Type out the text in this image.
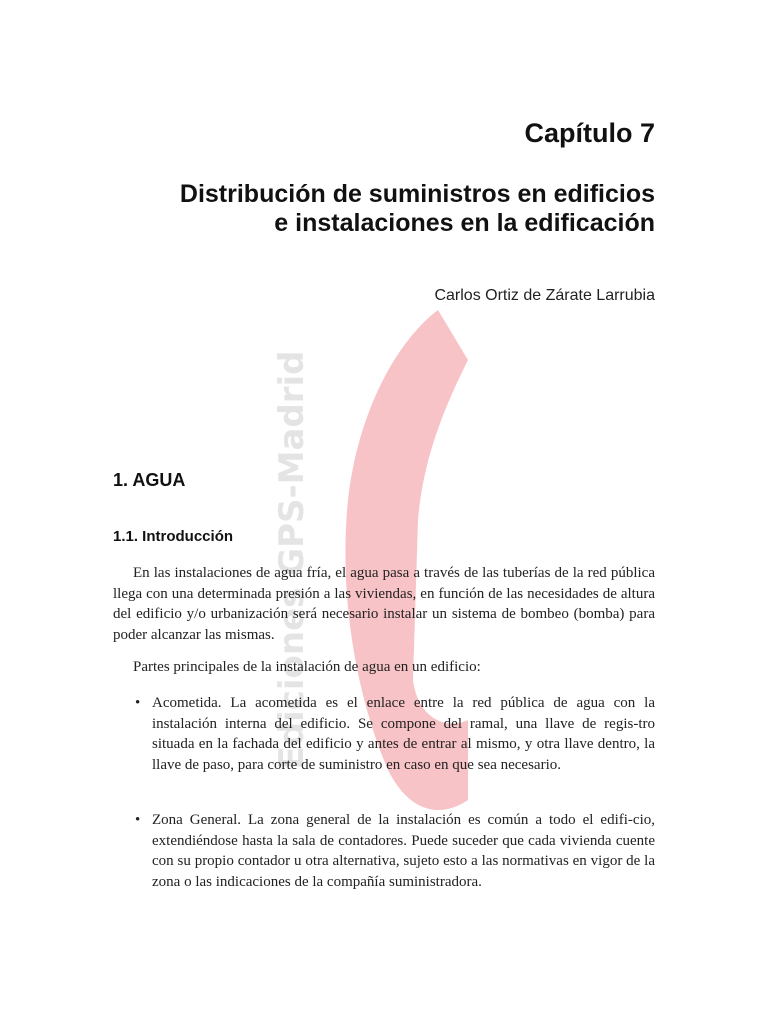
Ediciones GPS-Madrid
Capítulo 7
Distribución de suministros en edificios
e instalaciones en la edificación
Carlos Ortiz de Zárate Larrubia
1. AGUA
1.1. Introducción

En las instalaciones de agua fría, el agua pasa a través de las tuberías de la red pública llega con una determinada presión a las viviendas, en función de las necesidades de altura del edificio y/o urbanización será necesario instalar un sistema de bombeo (bomba) para poder alcanzar las mismas.

Partes principales de la instalación de agua en un edificio:

• Acometida. La acometida es el enlace entre la red pública de agua con la instalación interna del edificio. Se compone del ramal, una llave de regis-tro situada en la fachada del edificio y antes de entrar al mismo, y otra llave dentro, la llave de paso, para corte de suministro en caso en que sea necesario.
• Zona General. La zona general de la instalación es común a todo el edifi-cio, extendiéndose hasta la sala de contadores. Puede suceder que cada vivienda cuente con su propio contador u otra alternativa, sujeto esto a las normativas en vigor de la zona o las indicaciones de la compañía suministradora.
